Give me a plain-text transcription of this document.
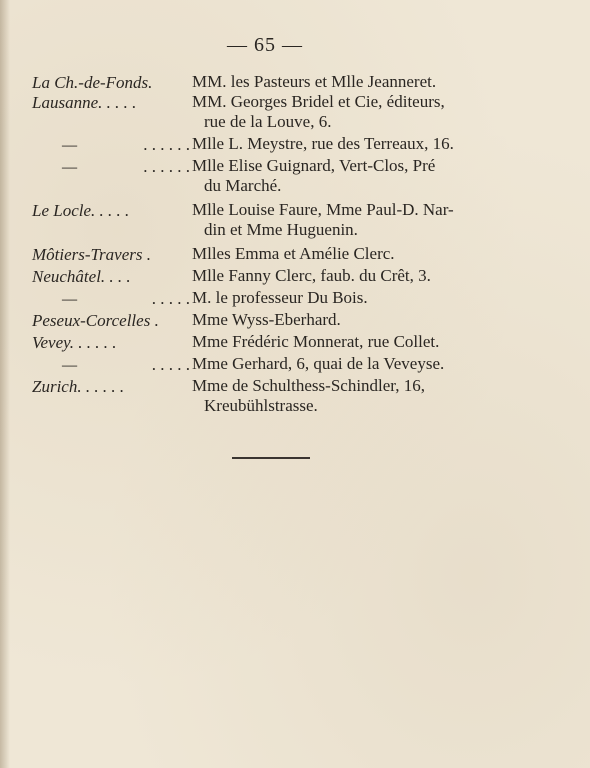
— 65 —
La Ch.-de-Fonds.	MM. les Pasteurs et Mlle Jeanneret.
Lausanne. . . . .	MM. Georges Bridel et Cie, éditeurs,
rue de la Louve, 6.
—	. . . . . . Mlle L. Meystre, rue des Terreaux, 16.
—	. . . . . . Mlle Elise Guignard, Vert-Clos, Pré
du Marché.
Le Locle. . . . .	Mlle Louise Faure, Mme Paul-D. Nar-
din et Mme Huguenin.
Môtiers-Travers .	Mlles Emma et Amélie Clerc.
Neuchâtel. . . .	Mlle Fanny Clerc, faub. du Crêt, 3.
—	. . . . . M. le professeur Du Bois.
Peseux-Corcelles .	Mme Wyss-Eberhard.
Vevey. . . . . .	Mme Frédéric Monnerat, rue Collet.
—	. . . . . Mme Gerhard, 6, quai de la Veveyse.
Zurich. . . . . .	Mme de Schulthess-Schindler, 16,
Kreubühlstrasse.
